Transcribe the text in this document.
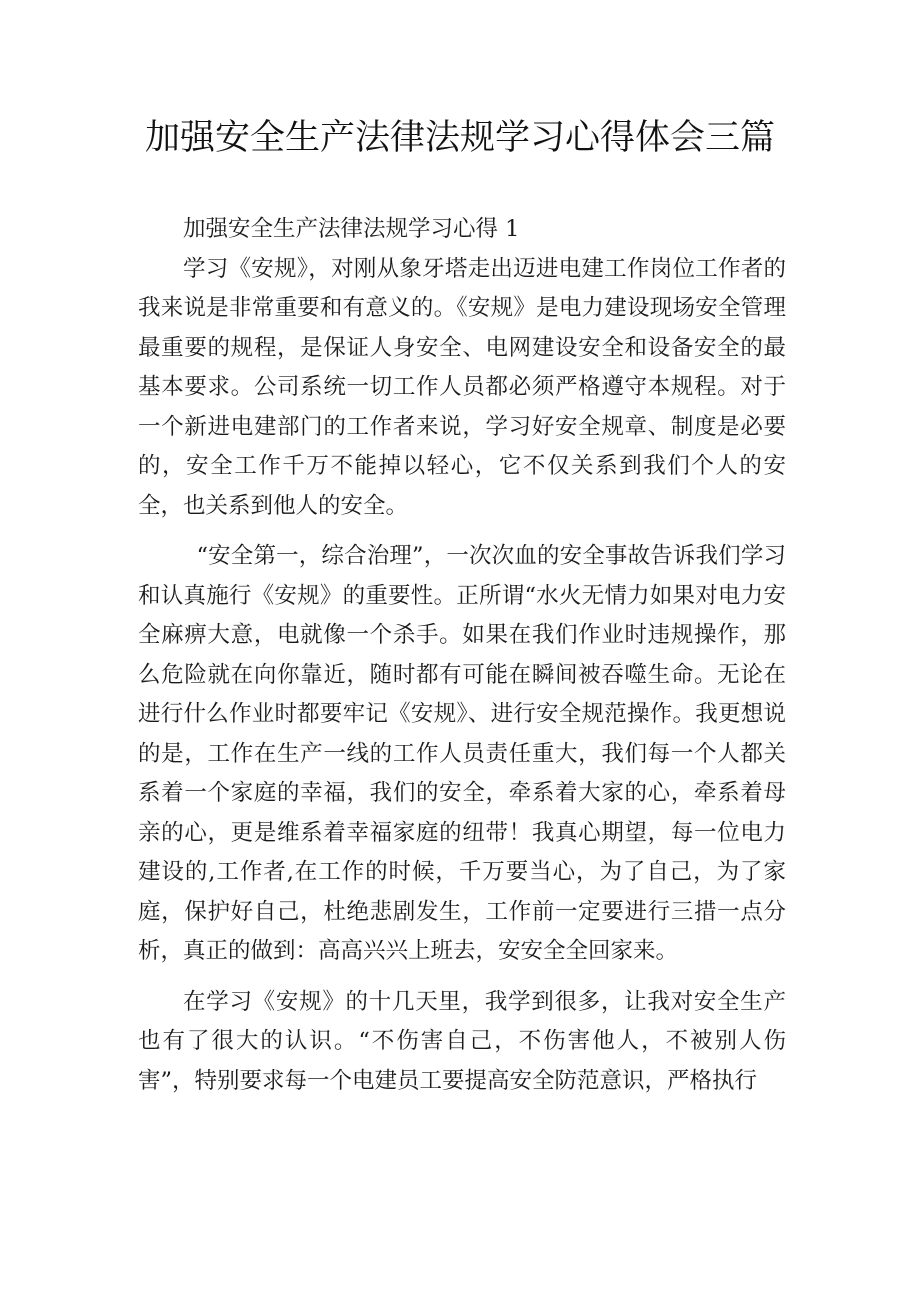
加强安全生产法律法规学习心得体会三篇

加强安全生产法律法规学习心得 1

学习《安规》，对刚从象牙塔走出迈进电建工作岗位工作者的我来说是非常重要和有意义的。《安规》是电力建设现场安全管理最重要的规程，是保证人身安全、电网建设安全和设备安全的最基本要求。公司系统一切工作人员都必须严格遵守本规程。对于一个新进电建部门的工作者来说，学习好安全规章、制度是必要的，安全工作千万不能掉以轻心，它不仅关系到我们个人的安全，也关系到他人的安全。

“安全第一，综合治理”，一次次血的安全事故告诉我们学习和认真施行《安规》的重要性。正所谓“水火无情力如果对电力安全麻痹大意，电就像一个杀手。如果在我们作业时违规操作，那么危险就在向你靠近，随时都有可能在瞬间被吞噬生命。无论在进行什么作业时都要牢记《安规》、进行安全规范操作。我更想说的是，工作在生产一线的工作人员责任重大，我们每一个人都关系着一个家庭的幸福，我们的安全，牵系着大家的心，牵系着母亲的心，更是维系着幸福家庭的纽带！我真心期望，每一位电力建设的,工作者,在工作的时候，千万要当心，为了自己，为了家庭，保护好自己，杜绝悲剧发生，工作前一定要进行三措一点分析，真正的做到：高高兴兴上班去，安安全全回家来。

在学习《安规》的十几天里，我学到很多，让我对安全生产也有了很大的认识。“不伤害自己，不伤害他人，不被别人伤害”，特别要求每一个电建员工要提高安全防范意识，严格执行
